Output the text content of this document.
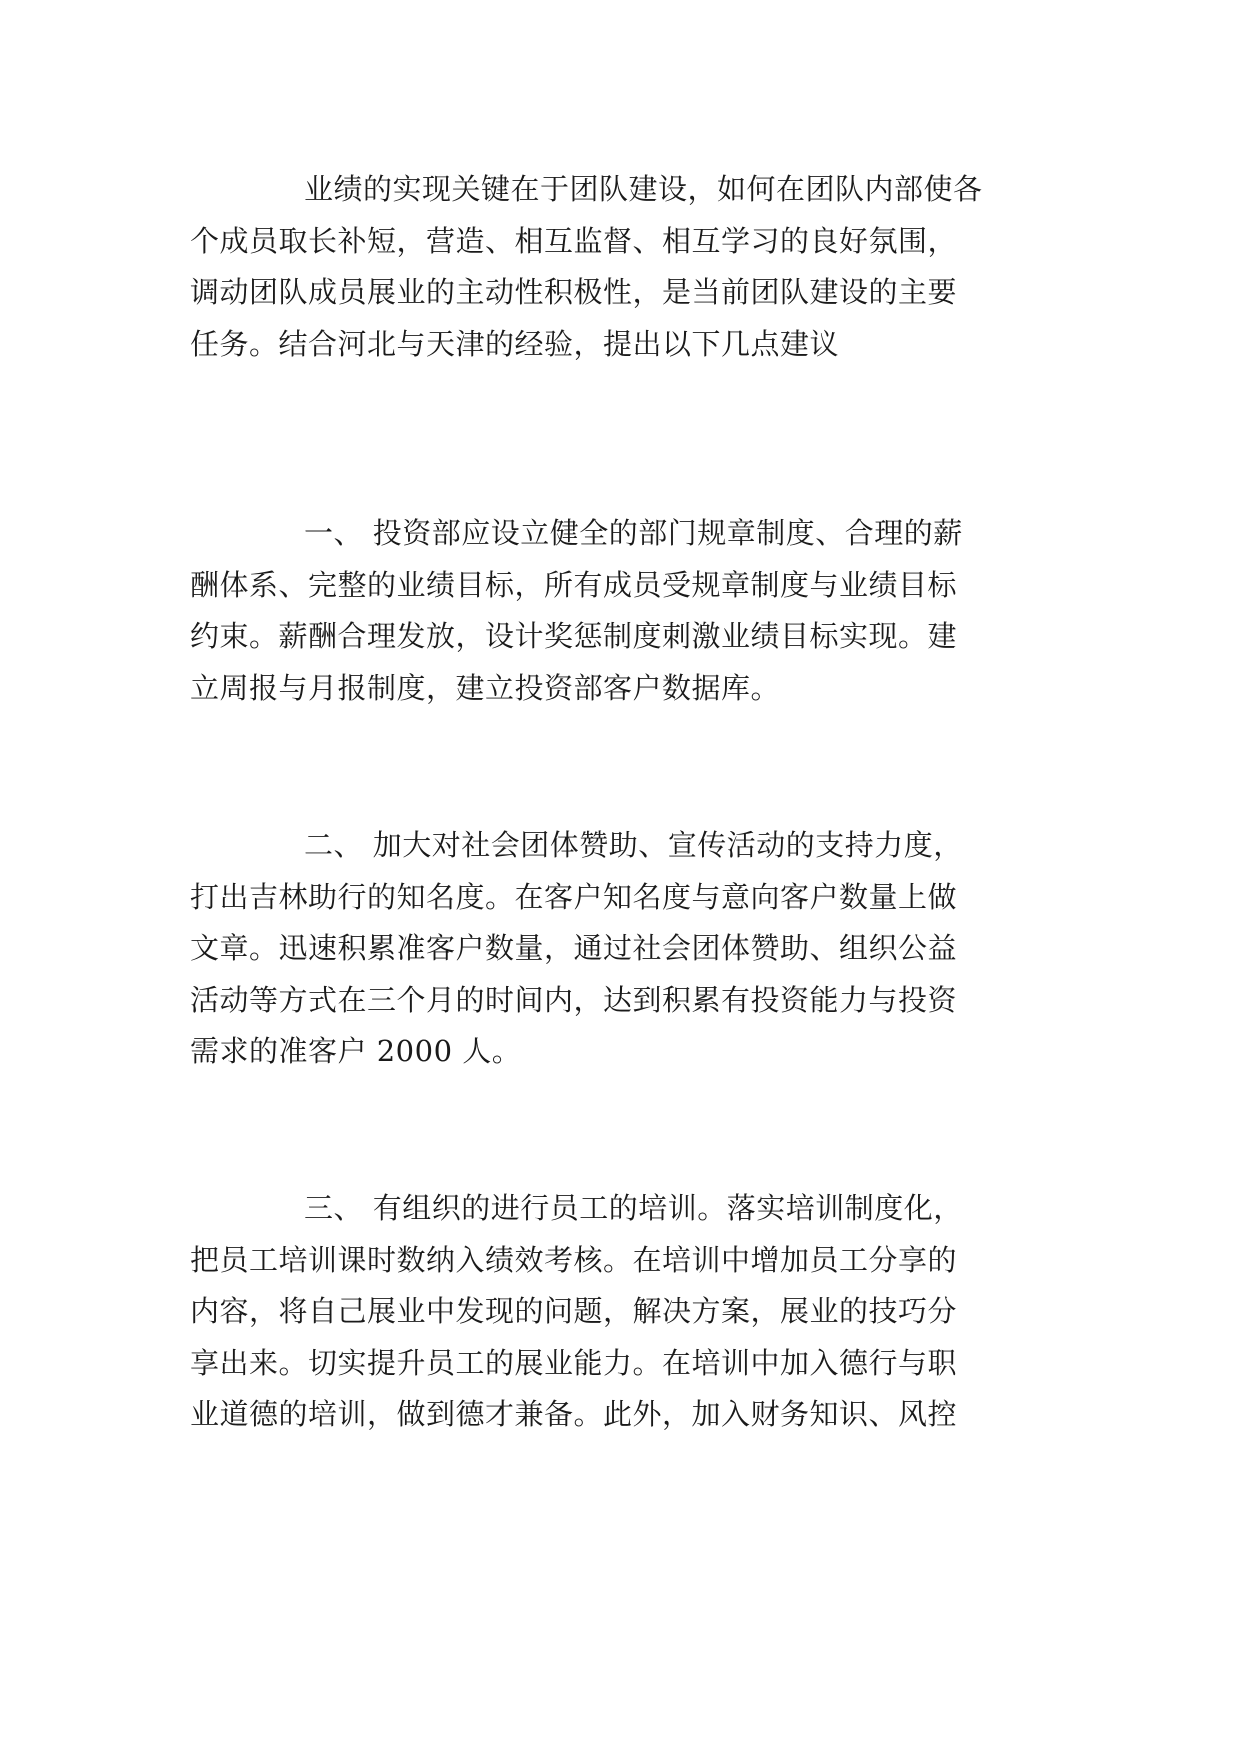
业绩的实现关键在于团队建设，如何在团队内部使各
个成员取长补短，营造、相互监督、相互学习的良好氛围，
调动团队成员展业的主动性积极性，是当前团队建设的主要
任务。结合河北与天津的经验，提出以下几点建议
一、 投资部应设立健全的部门规章制度、合理的薪
酬体系、完整的业绩目标，所有成员受规章制度与业绩目标
约束。薪酬合理发放，设计奖惩制度刺激业绩目标实现。建
立周报与月报制度，建立投资部客户数据库。
二、 加大对社会团体赞助、宣传活动的支持力度，
打出吉林助行的知名度。在客户知名度与意向客户数量上做
文章。迅速积累准客户数量，通过社会团体赞助、组织公益
活动等方式在三个月的时间内，达到积累有投资能力与投资
需求的准客户 2000 人。
三、 有组织的进行员工的培训。落实培训制度化，
把员工培训课时数纳入绩效考核。在培训中增加员工分享的
内容，将自己展业中发现的问题，解决方案，展业的技巧分
享出来。切实提升员工的展业能力。在培训中加入德行与职
业道德的培训，做到德才兼备。此外，加入财务知识、风控
